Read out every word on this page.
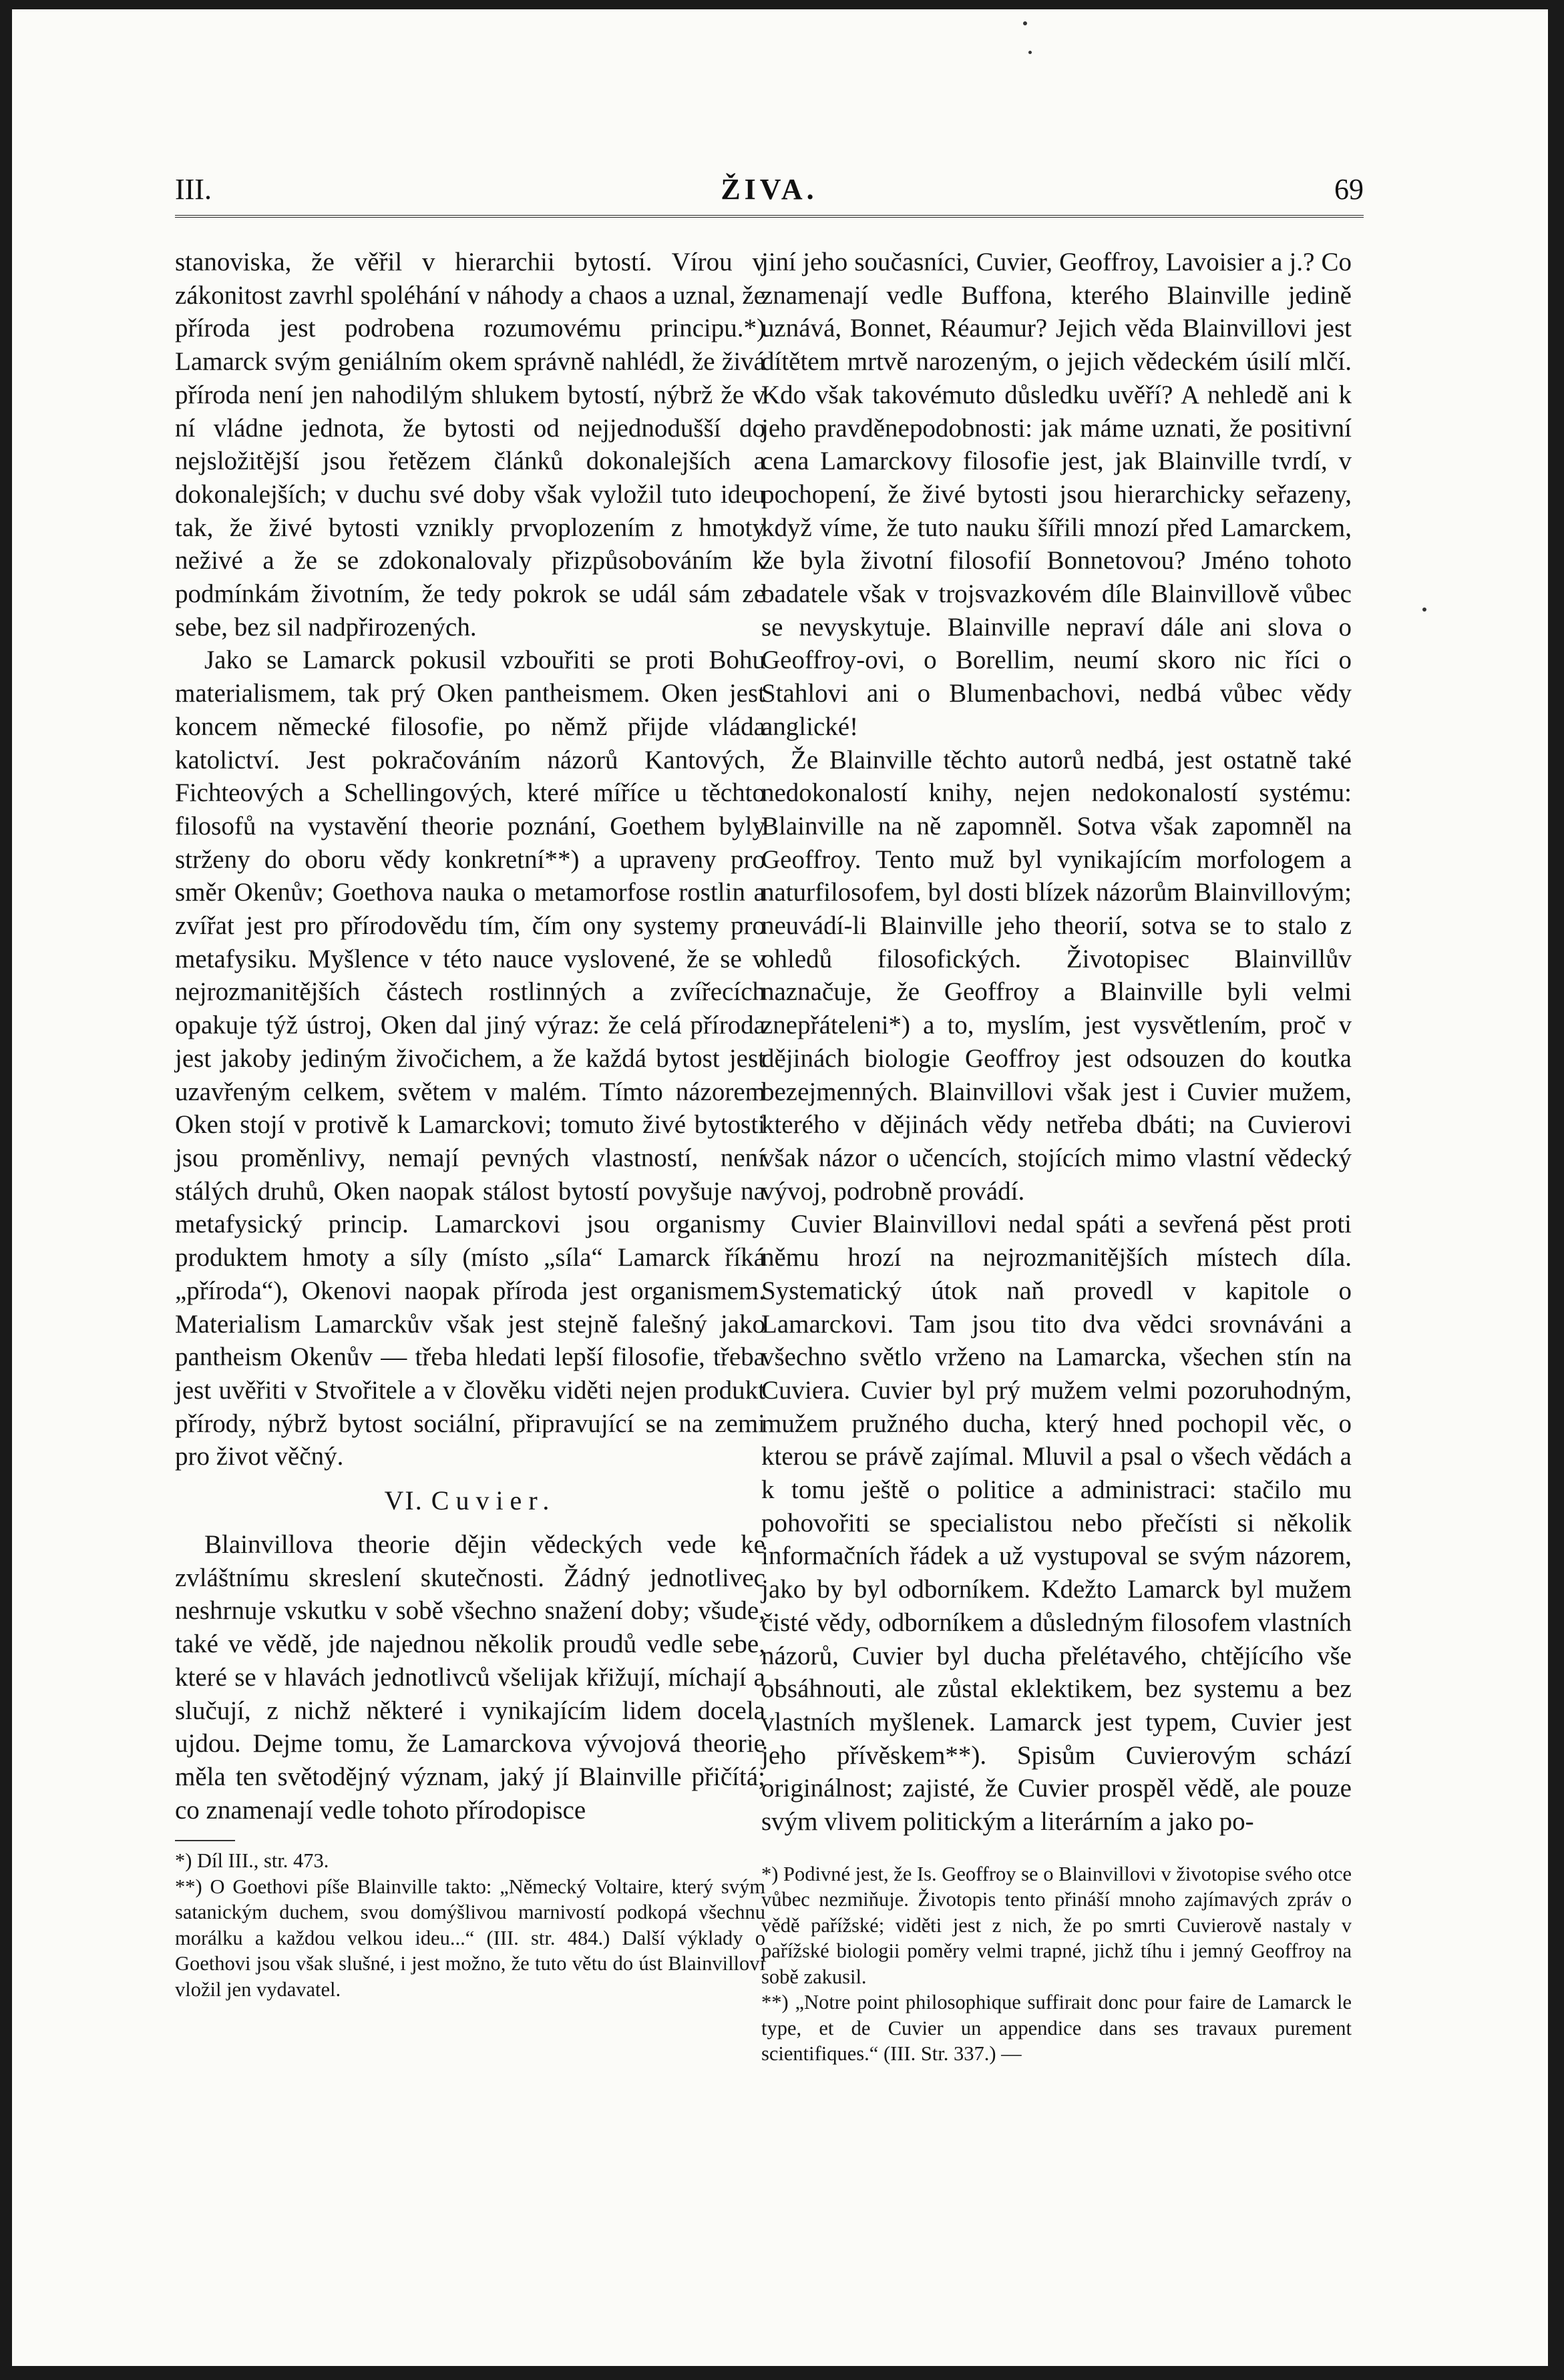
III.	ŽIVA.	69

stanoviska, že věřil v hierarchii bytostí. Vírou v zákonitost zavrhl spoléhání v náhody a chaos a uznal, že příroda jest podrobena rozumovému principu.*) Lamarck svým geniálním okem správně nahlédl, že živá příroda není jen nahodilým shlukem bytostí, nýbrž že v ní vládne jednota, že bytosti od nejjednodušší do nejsložitější jsou řetězem článků dokonalejších a dokonalejších; v duchu své doby však vyložil tuto ideu tak, že živé bytosti vznikly prvoplozením z hmoty neživé a že se zdokonalovaly přizpůsobováním k podmínkám životním, že tedy pokrok se udál sám ze sebe, bez sil nadpřirozených.

Jako se Lamarck pokusil vzbouřiti se proti Bohu materialismem, tak prý Oken pantheismem. Oken jest koncem německé filosofie, po němž přijde vláda katolictví. Jest pokračováním názorů Kantových, Fichteových a Schellingových, které míříce u těchto filosofů na vystavění theorie poznání, Goethem byly strženy do oboru vědy konkretní**) a upraveny pro směr Okenův; Goethova nauka o metamorfose rostlin a zvířat jest pro přírodovědu tím, čím ony systemy pro metafysiku. Myšlence v této nauce vyslovené, že se v nejrozmanitějších částech rostlinných a zvířecích opakuje týž ústroj, Oken dal jiný výraz: že celá příroda jest jakoby jediným živočichem, a že každá bytost jest uzavřeným celkem, světem v malém. Tímto názorem Oken stojí v protivě k Lamarckovi; tomuto živé bytosti jsou proměnlivy, nemají pevných vlastností, není stálých druhů, Oken naopak stálost bytostí povyšuje na metafysický princip. Lamarckovi jsou organismy produktem hmoty a síly (místo „síla“ Lamarck říká „příroda“), Okenovi naopak příroda jest organismem. Materialism Lamarckův však jest stejně falešný jako pantheism Okenův — třeba hledati lepší filosofie, třeba jest uvěřiti v Stvořitele a v člověku viděti nejen produkt přírody, nýbrž bytost sociální, připravující se na zemi pro život věčný.

VI. Cuvier.

Blainvillova theorie dějin vědeckých vede ke zvláštnímu skreslení skutečnosti. Žádný jednotlivec neshrnuje vskutku v sobě všechno snažení doby; všude, také ve vědě, jde najednou několik proudů vedle sebe, které se v hlavách jednotlivců všelijak křižují, míchají a slučují, z nichž některé i vynikajícím lidem docela ujdou. Dejme tomu, že Lamarckova vývojová theorie měla ten světodějný význam, jaký jí Blainville přičítá; co znamenají vedle tohoto přírodopisce

*) Díl III., str. 473.

**) O Goethovi píše Blainville takto: „Německý Voltaire, který svým satanickým duchem, svou domýšlivou marnivostí podkopá všechnu morálku a každou velkou ideu...“ (III. str. 484.) Další výklady o Goethovi jsou však slušné, i jest možno, že tuto větu do úst Blainvillovi vložil jen vydavatel.

jiní jeho současníci, Cuvier, Geoffroy, Lavoisier a j.? Co znamenají vedle Buffona, kterého Blainville jedině uznává, Bonnet, Réaumur? Jejich věda Blainvillovi jest dítětem mrtvě narozeným, o jejich vědeckém úsilí mlčí. Kdo však takovémuto důsledku uvěří? A nehledě ani k jeho pravděnepodobnosti: jak máme uznati, že positivní cena Lamarckovy filosofie jest, jak Blainville tvrdí, v pochopení, že živé bytosti jsou hierarchicky seřazeny, když víme, že tuto nauku šířili mnozí před Lamarckem, že byla životní filosofií Bonnetovou? Jméno tohoto badatele však v trojsvazkovém díle Blainvillově vůbec se nevyskytuje. Blainville nepraví dále ani slova o Geoffroy-ovi, o Borellim, neumí skoro nic říci o Stahlovi ani o Blumenbachovi, nedbá vůbec vědy anglické!

Že Blainville těchto autorů nedbá, jest ostatně také nedokonalostí knihy, nejen nedokonalostí systému: Blainville na ně zapomněl. Sotva však zapomněl na Geoffroy. Tento muž byl vynikajícím morfologem a naturfilosofem, byl dosti blízek názorům Blainvillovým; neuvádí-li Blainville jeho theorií, sotva se to stalo z ohledů filosofických. Životopisec Blainvillův naznačuje, že Geoffroy a Blainville byli velmi znepřáteleni*) a to, myslím, jest vysvětlením, proč v dějinách biologie Geoffroy jest odsouzen do koutka bezejmenných. Blainvillovi však jest i Cuvier mužem, kterého v dějinách vědy netřeba dbáti; na Cuvierovi však názor o učencích, stojících mimo vlastní vědecký vývoj, podrobně provádí.

Cuvier Blainvillovi nedal spáti a sevřená pěst proti němu hrozí na nejrozmanitějších místech díla. Systematický útok naň provedl v kapitole o Lamarckovi. Tam jsou tito dva vědci srovnáváni a všechno světlo vrženo na Lamarcka, všechen stín na Cuviera. Cuvier byl prý mužem velmi pozoruhodným, mužem pružného ducha, který hned pochopil věc, o kterou se právě zajímal. Mluvil a psal o všech vědách a k tomu ještě o politice a administraci: stačilo mu pohovořiti se specialistou nebo přečísti si několik informačních řádek a už vystupoval se svým názorem, jako by byl odborníkem. Kdežto Lamarck byl mužem čisté vědy, odborníkem a důsledným filosofem vlastních názorů, Cuvier byl ducha přelétavého, chtějícího vše obsáhnouti, ale zůstal eklektikem, bez systemu a bez vlastních myšlenek. Lamarck jest typem, Cuvier jest jeho přívěskem**). Spisům Cuvierovým schází originálnost; zajisté, že Cuvier prospěl vědě, ale pouze svým vlivem politickým a literárním a jako po-

*) Podivné jest, že Is. Geoffroy se o Blainvillovi v životopise svého otce vůbec nezmiňuje. Životopis tento přináší mnoho zajímavých zpráv o vědě pařížské; viděti jest z nich, že po smrti Cuvierově nastaly v pařížské biologii poměry velmi trapné, jichž tíhu i jemný Geoffroy na sobě zakusil.

**) „Notre point philosophique suffirait donc pour faire de Lamarck le type, et de Cuvier un appendice dans ses travaux purement scientifiques.“ (III. Str. 337.) —
